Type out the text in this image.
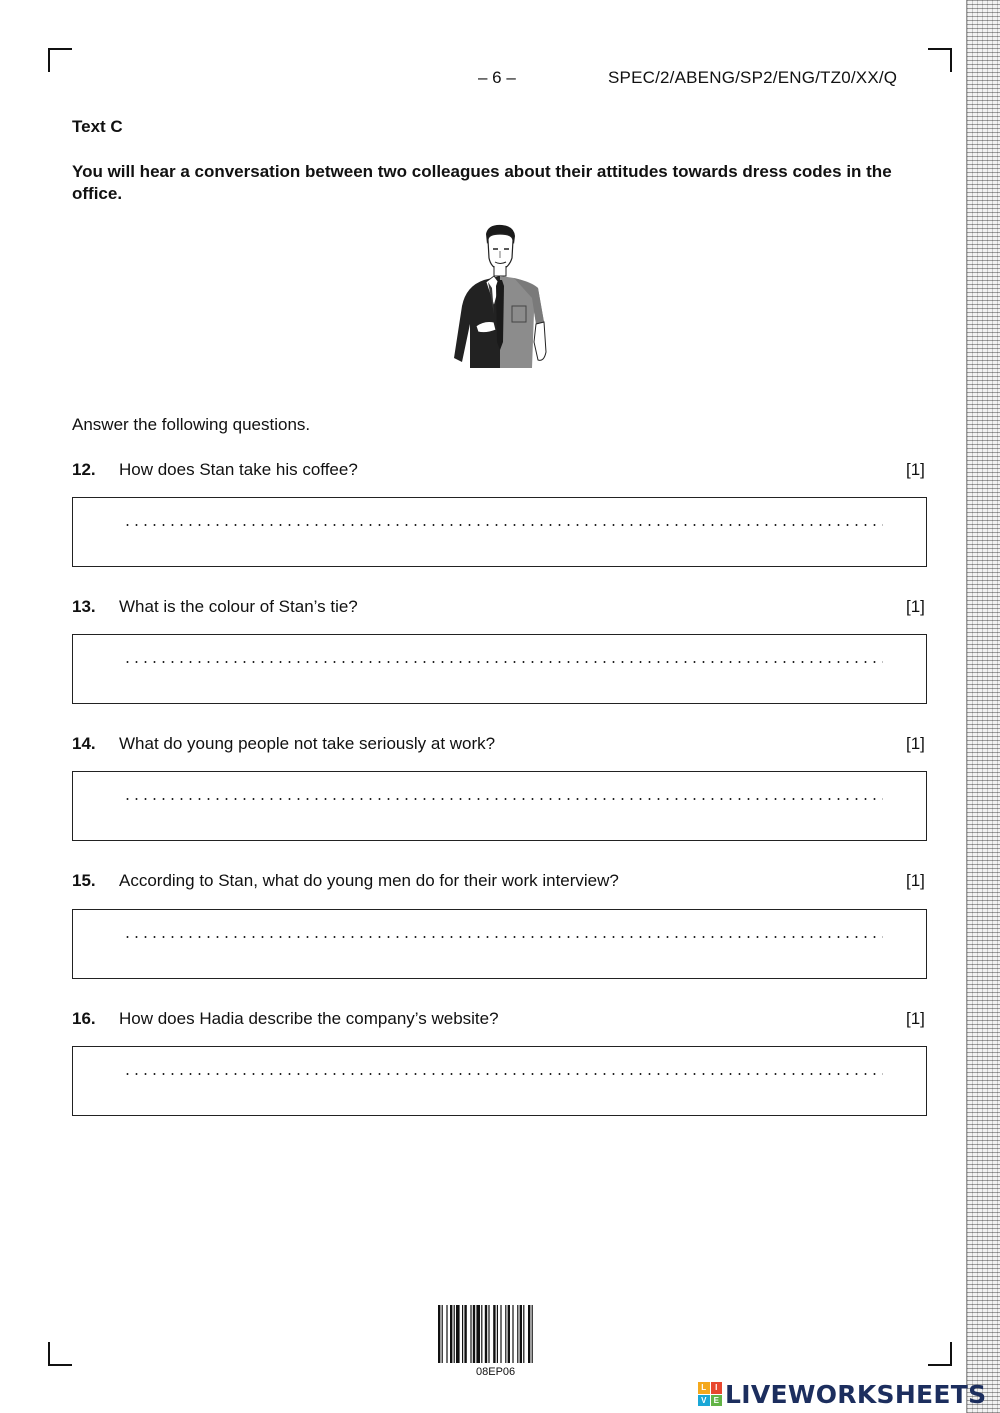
– 6 –	SPEC/2/ABENG/SP2/ENG/TZ0/XX/Q
Text C
You will hear a conversation between two colleagues about their attitudes towards dress codes in the office.
Answer the following questions.
12. How does Stan take his coffee?	[1]
13. What is the colour of Stan’s tie?	[1]
14. What do young people not take seriously at work?	[1]
15. According to Stan, what do young men do for their work interview?	[1]
16. How does Hadia describe the company’s website?	[1]
08EP06
L	I
V E LIVEWORKSHEETS
